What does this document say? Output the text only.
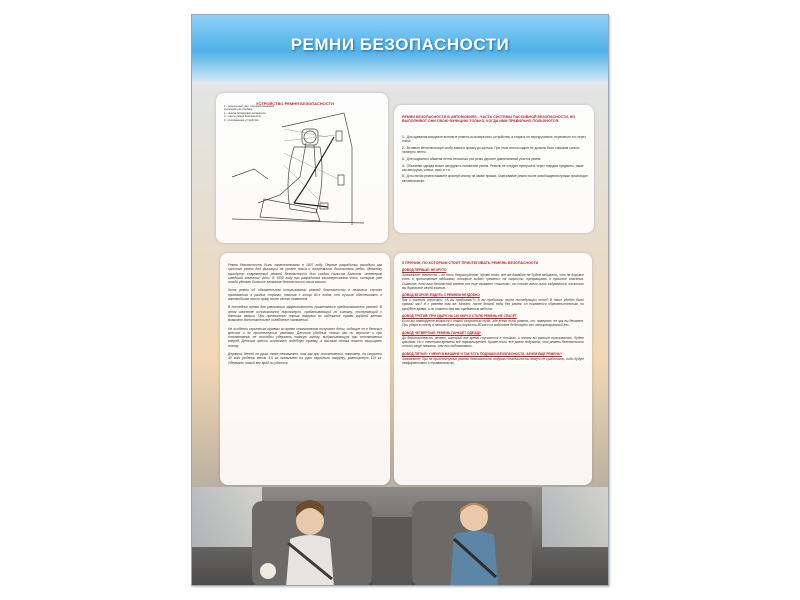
РЕМНИ БЕЗОПАСНОСТИ
УСТРОЙСТВО РЕМНЯ БЕЗОПАСНОСТИ
1 – консольный узел, плечевой механизм
крепления регулировки
2 – кнопка блокировки натяжителя
3 – ленты ремня безопасности
4 – втягивающее устройство
РЕМНИ БЕЗОПАСНОСТИ В АВТОМОБИЛЕ - ЧАСТЬ СИСТЕМЫ ПАССИВНОЙ БЕЗОПАСНОСТИ. НО ВЫПОЛНЯЮТ ОНИ СВОЮ ФУНКЦИЮ ТОЛЬКО, КОГДА ИМИ ПРАВИЛЬНО ПОЛЬЗУЮТСЯ.
1. Для одевания вокругвое вытяните ремень из возвратного устройства, а старась не перекручивать, перекиньте его через плечо.
2. Вставьте металлическую скобу замка в пряжку до щелчка. При этом слегка сядьте не должны быть слишком сильно натянуты ленты.
3. Для надежного обжатия ленты несколько раз резко дерните диагональный участок ремня.
4. Объемная одежда может затруднить натяжение ремня. Ремень не следует пропускать через твердые предметы, такие как авторучки, ключи, очки, и т.п.
5. Для снятия ремня нажмите красную кнопку на замке пряжки. Сматывание ремня после освобождения пряжки происходит автоматически.

Ремни безопасности были запатентованы в 1907 году. Первые разработки выходили как простые ремни для фиксации на уровне пояса и встречались достаточно редко. Механику приобрело современный ремней безопасности был создан Нильсом Болином, инженером шведской компании Volvo. В 1959 году его разработка заинтересовала Volvo, которые уже тогда уделяли большое внимание безопасности своих машин.

Хотя ремни об обязательном использовании ремней безопасности в легковых случаях принимались в разных странах, начиная с конца 60-х годов, они лучшие обеспечивать в автомобилях почти сразу после своего появления.

В последние время для увеличения эффективности применяется преднатяжитель ремней. В этом качестве использовался пиропатрон, срабатывающий по сигналу, поступающий с датчика аварии. При превышении порога нагрузки во избежание травм грудной клетки возможно дополнительное ослабление натяжения.

Не особенно серьезным травмы во время столкновения получают дети, сидящие не в детских креслах и не пристегнутые ремнями. Детское удобные пояски как ни верните и при столкновении не способны удержать тяжкую голову, выбрасывающую при столкновении вперед. Детское кресло исключает подобную травму, а высокая спинка плотно защищает голову.

Держать детей на руках тоже невозможно, так как при столкновении, например, на скорости 40 км/ч ребенок весом 9,5 кг оказывает на руки взрослого нагрузку, равноценную 116 кг. Удержать такой вес вряд ли удастся.

5 ПРИЧИН, ПО КОТОРЫМ СТОИТ ПРИСТЕГИВАТЬ РЕМЕНЬ БЕЗОПАСНОСТИ
ДОВОД ПЕРВЫЙ: НЕ КРУТО

Запомните: смелость – не есть безрассудство. Кроме того, всё же давайте не будем забывать, что не дорогие есть в прочитанные медиками, которые видят «ремень» на скорости, превращаясь в прошлое спасения. Скажите, если ваш безопасный ремень все еще сжимает «лишним», то стоит всего лишь задуматься, насколько вы дорожите своей жизнью.

ДОВОД ВТОРОЙ: ЕЗДИТЬ С РЕМНЕМ НЕУДОБНО

Как и хочется спросить: «А вы пробовали?» А вы пробовали после последующих тонн? В наше удобно было прямой час? И с ремнём так же. Может, после долгой езды без ремня, он покажется обременительным, но пройдёт время, и он станет для вас предметом заботы.

ДОВОД ТРЕТИЙ: ПРИ УДАРЕ НА 140 КМ/Ч И СТОЛБ РЕМЕНЬ НЕ СПАСЁТ

Если вы планируете мчаться с такой скоростью туда, где всего есть ремень, то, наверное, не зря вы делаете. При ударе в стену в автомобиле при скорости 80 км/ч на водителя действует его четырехкратный вес.

ДОВОД ЧЕТВЁРТЫЙ: РЕМЕНЬ ПАЧКАЕТ ОДЕЖДУ

До действительно, ремень, который все время спускается в стойках, и потом вы раньше пользовались, будет грязным. Но с течением времени всё нормализуется. Кроме того, всё равно подумать, что ремень безопасности стоит чаще пачкать, чем его подтягивать.

ДОВОД ПЯТЫЙ: У МЕНЯ В МАШИНЕ И ТАК ЕСТЬ ПОДУШКИ БЕЗОПАСНОСТИ, ЗАЧЕМ ЕЩЕ РЕМЕНЬ?

Запомните! При не пристегнутых ремнях безопасности подушки безопасности могут не сработать, либо будут неэффективны и травмоопасны.
